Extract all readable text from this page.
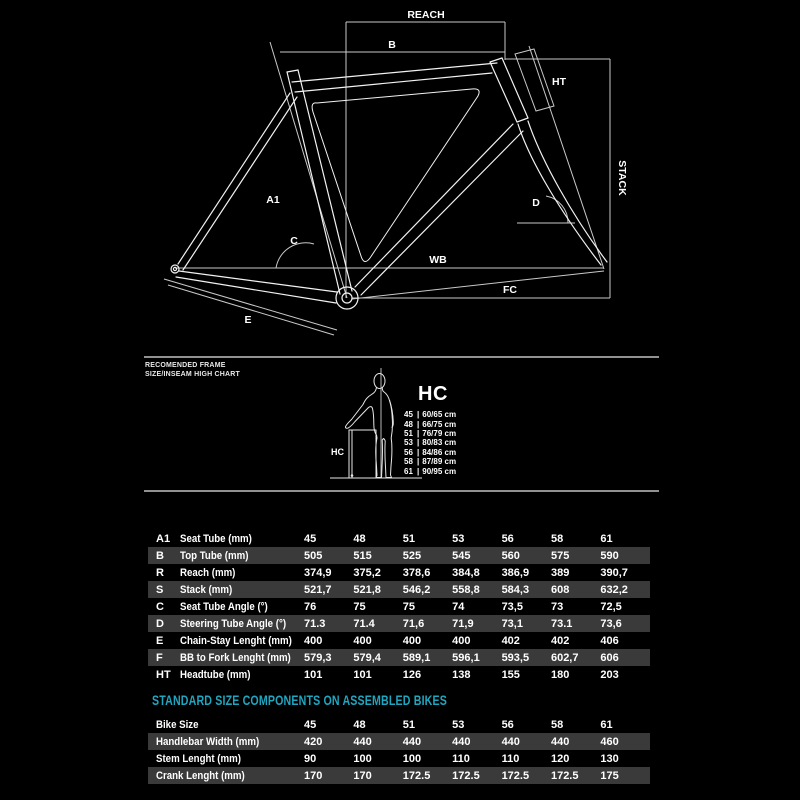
REACH
B
HT
STACK
A1
C
D
WB
FC
E
RECOMENDED FRAME
SIZE/INSEAM HIGH CHART
HC
HC
45 | 60/65 cm
48 | 66/75 cm
51 | 76/79 cm
53 | 80/83 cm
56 | 84/86 cm
58 | 87/89 cm
61 | 90/95 cm
A1 Seat Tube (mm)	45	48	51	53	56	58	61
B	Top Tube (mm)	505	515	525	545	560	575	590
R	Reach (mm)	374,9	375,2	378,6	384,8	386,9	389	390,7
S	Stack (mm)	521,7	521,8	546,2	558,8	584,3	608	632,2
C	Seat Tube Angle (°)	76	75	75	74	73,5	73	72,5
D	Steering Tube Angle (°) 71.3	71.4	71,6	71,9	73,1	73.1	73,6
E	Chain-Stay Lenght (mm) 400	400	400	400	402	402	406
F	BB to Fork Lenght (mm) 579,3	579,4	589,1	596,1	593,5	602,7	606
HT Headtube (mm)	101	101	126	138	155	180	203
STANDARD SIZE COMPONENTS ON ASSEMBLED BIKES
Bike Size	45	48	51	53	56	58	61
Handlebar Width (mm)	420	440	440	440	440	440	460
Stem Lenght (mm)	90	100	100	110	110	120	130
Crank Lenght (mm)	170	170	172.5	172.5	172.5	172.5	175
